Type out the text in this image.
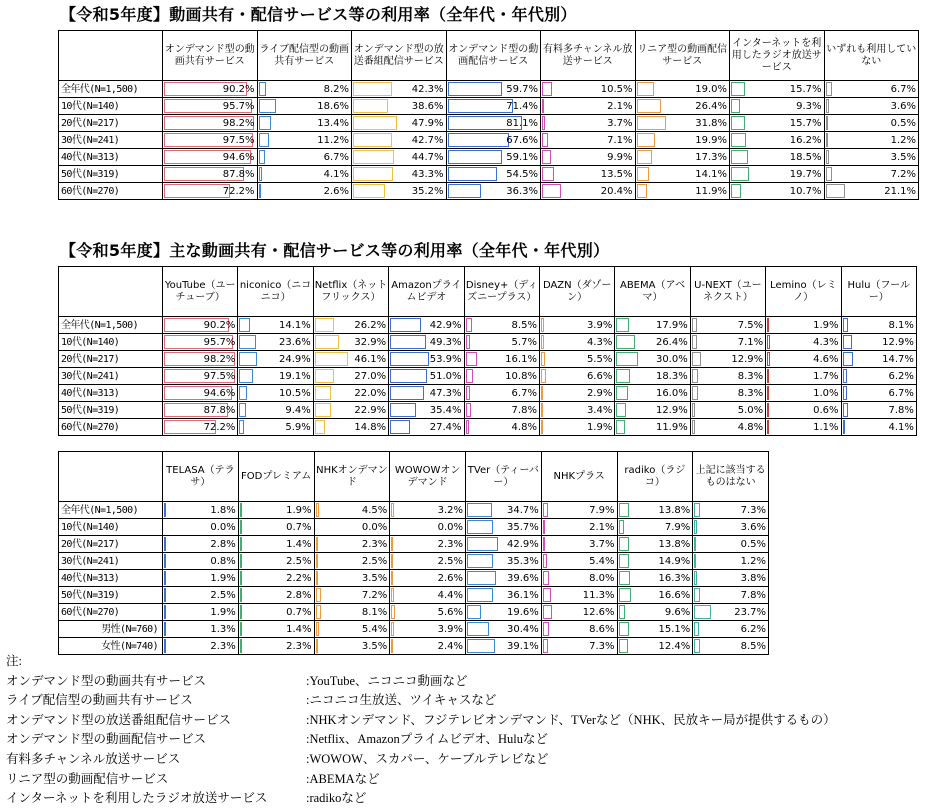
【令和5年度】動画共有・配信サービス等の利用率（全年代・年代別）
	オンデマンド型の動画共有サービス	ライブ配信型の動画共有サービス	オンデマンド型の放送番組配信サービス	オンデマンド型の動画配信サービス	有料多チャンネル放送サービス	リニア型の動画配信サービス	インターネットを利用したラジオ放送サービス	いずれも利用していない
全年代(N=1,500)	90.2%	8.2%	42.3%	59.7%	10.5%	19.0%	15.7%	6.7%
10代(N=140)	95.7%	18.6%	38.6%	71.4%	2.1%	26.4%	9.3%	3.6%
20代(N=217)	98.2%	13.4%	47.9%	81.1%	3.7%	31.8%	15.7%	0.5%
30代(N=241)	97.5%	11.2%	42.7%	67.6%	7.1%	19.9%	16.2%	1.2%
40代(N=313)	94.6%	6.7%	44.7%	59.1%	9.9%	17.3%	18.5%	3.5%
50代(N=319)	87.8%	4.1%	43.3%	54.5%	13.5%	14.1%	19.7%	7.2%
60代(N=270)	72.2%	2.6%	35.2%	36.3%	20.4%	11.9%	10.7%	21.1%
【令和5年度】主な動画共有・配信サービス等の利用率（全年代・年代別）
	YouTube（ユーチューブ）	niconico（ニコニコ）	Netflix（ネットフリックス）	Amazonプライムビデオ	Disney+（ディズニープラス）	DAZN（ダゾーン）	ABEMA（アベマ）	U-NEXT（ユーネクスト）	Lemino（レミノ）	Hulu（フールー）
全年代(N=1,500)	90.2%	14.1%	26.2%	42.9%	8.5%	3.9%	17.9%	7.5%	1.9%	8.1%
10代(N=140)	95.7%	23.6%	32.9%	49.3%	5.7%	4.3%	26.4%	7.1%	4.3%	12.9%
20代(N=217)	98.2%	24.9%	46.1%	53.9%	16.1%	5.5%	30.0%	12.9%	4.6%	14.7%
30代(N=241)	97.5%	19.1%	27.0%	51.0%	10.8%	6.6%	18.3%	8.3%	1.7%	6.2%
40代(N=313)	94.6%	10.5%	22.0%	47.3%	6.7%	2.9%	16.0%	8.3%	1.0%	6.7%
50代(N=319)	87.8%	9.4%	22.9%	35.4%	7.8%	3.4%	12.9%	5.0%	0.6%	7.8%
60代(N=270)	72.2%	5.9%	14.8%	27.4%	4.8%	1.9%	11.9%	4.8%	1.1%	4.1%
	TELASA（テラサ）	FODプレミアム	NHKオンデマンド	WOWOWオンデマンド	TVer（ティーバー）	NHKプラス	radiko（ラジコ）	上記に該当するものはない
全年代(N=1,500)	1.8%	1.9%	4.5%	3.2%	34.7%	7.9%	13.8%	7.3%
10代(N=140)	0.0%	0.7%	0.0%	0.0%	35.7%	2.1%	7.9%	3.6%
20代(N=217)	2.8%	1.4%	2.3%	2.3%	42.9%	3.7%	13.8%	0.5%
30代(N=241)	0.8%	2.5%	2.5%	2.5%	35.3%	5.4%	14.9%	1.2%
40代(N=313)	1.9%	2.2%	3.5%	2.6%	39.6%	8.0%	16.3%	3.8%
50代(N=319)	2.5%	2.8%	7.2%	4.4%	36.1%	11.3%	16.6%	7.8%
60代(N=270)	1.9%	0.7%	8.1%	5.6%	19.6%	12.6%	9.6%	23.7%
男性(N=760)	1.3%	1.4%	5.4%	3.9%	30.4%	8.6%	15.1%	6.2%
女性(N=740)	2.3%	2.3%	3.5%	2.4%	39.1%	7.3%	12.4%	8.5%
注:
オンデマンド型の動画共有サービス	:YouTube、ニコニコ動画など
ライブ配信型の動画共有サービス	:ニコニコ生放送、ツイキャスなど
オンデマンド型の放送番組配信サービス	:NHKオンデマンド、フジテレビオンデマンド、TVerなど（NHK、民放キー局が提供するもの）
オンデマンド型の動画配信サービス	:Netflix、Amazonプライムビデオ、Huluなど
有料多チャンネル放送サービス	:WOWOW、スカパー、ケーブルテレビなど
リニア型の動画配信サービス	:ABEMAなど
インターネットを利用したラジオ放送サービス	:radikoなど
